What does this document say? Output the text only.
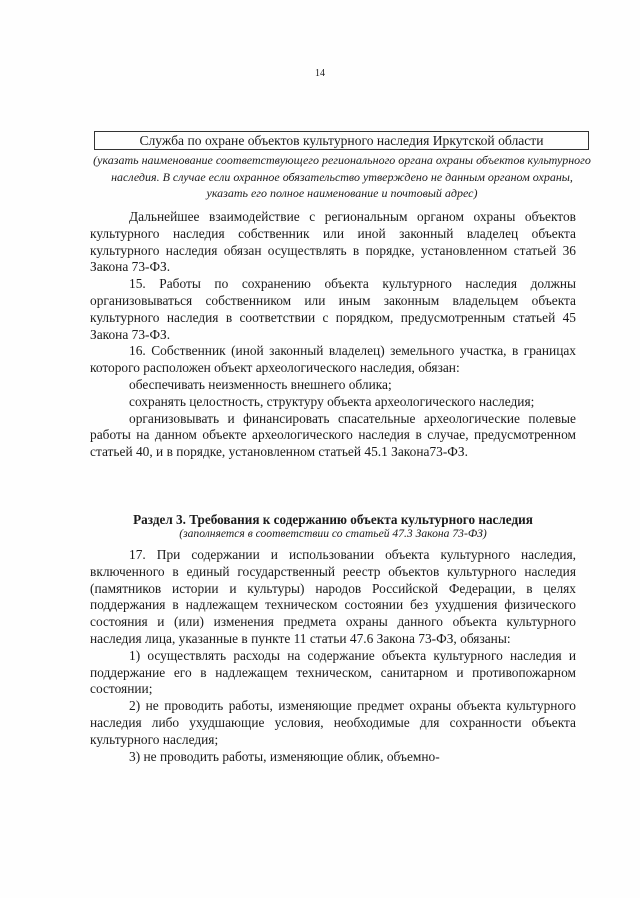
14
Служба по охране объектов культурного наследия Иркутской области
(указать наименование соответствующего регионального органа охраны объектов культурного наследия. В случае если охранное обязательство утверждено не данным органом охраны, указать его полное наименование и почтовый адрес)

Дальнейшее взаимодействие с региональным органом охраны объектов культурного наследия собственник или иной законный владелец объекта культурного наследия обязан осуществлять в порядке, установленном статьей 36 Закона 73-ФЗ.

15. Работы по сохранению объекта культурного наследия должны организовываться собственником или иным законным владельцем объекта культурного наследия в соответствии с порядком, предусмотренным статьей 45 Закона 73-ФЗ.

16. Собственник (иной законный владелец) земельного участка, в границах которого расположен объект археологического наследия, обязан:

обеспечивать неизменность внешнего облика;

сохранять целостность, структуру объекта археологического наследия;

организовывать и финансировать спасательные археологические полевые работы на данном объекте археологического наследия в случае, предусмотренном статьей 40, и в порядке, установленном статьей 45.1 Закона73-ФЗ.

Раздел 3. Требования к содержанию объекта культурного наследия
(заполняется в соответствии со статьей 47.3 Закона 73-ФЗ)

17. При содержании и использовании объекта культурного наследия, включенного в единый государственный реестр объектов культурного наследия (памятников истории и культуры) народов Российской Федерации, в целях поддержания в надлежащем техническом состоянии без ухудшения физического состояния и (или) изменения предмета охраны данного объекта культурного наследия лица, указанные в пункте 11 статьи 47.6 Закона 73-ФЗ, обязаны:

1) осуществлять расходы на содержание объекта культурного наследия и поддержание его в надлежащем техническом, санитарном и противопожарном состоянии;

2) не проводить работы, изменяющие предмет охраны объекта культурного наследия либо ухудшающие условия, необходимые для сохранности объекта культурного наследия;

3) не проводить работы, изменяющие облик, объемно-
